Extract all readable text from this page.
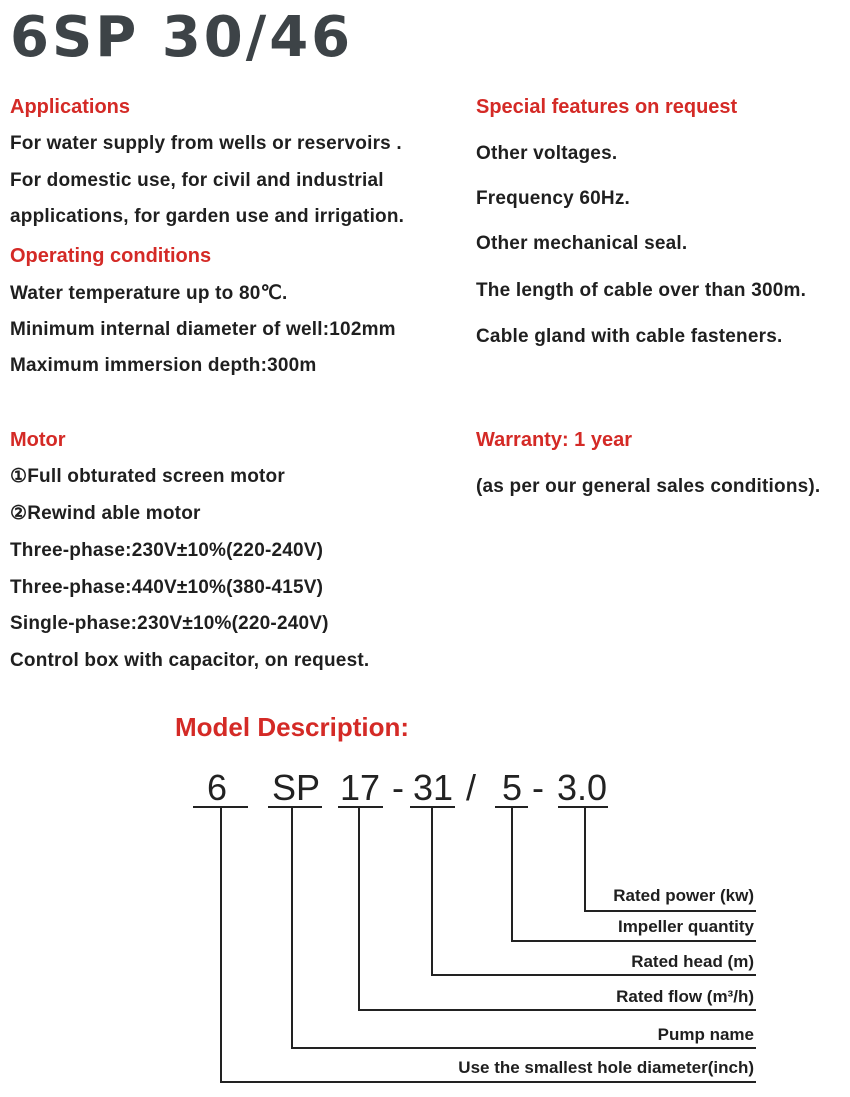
6SP 30/46
Applications
For water supply from wells or reservoirs .
For domestic use, for civil and industrial
applications, for garden use and irrigation.
Operating conditions
Water temperature up to 80℃.
Minimum internal diameter of well:102mm
Maximum immersion depth:300m
Motor
①Full obturated screen motor
②Rewind able motor
Three-phase:230V±10%(220-240V)
Three-phase:440V±10%(380-415V)
Single-phase:230V±10%(220-240V)
Control box with capacitor, on request.
Special features on request
Other voltages.
Frequency 60Hz.
Other mechanical seal.
The length of cable over than 300m.
Cable gland with cable fasteners.
Warranty: 1 year
(as per our general sales conditions).
Model Description:
6 SP 17 - 31 / 5 - 3.0
Rated power (kw)
Impeller quantity
Rated head (m)
Rated flow (m³/h)
Pump name
Use the smallest hole diameter(inch)
